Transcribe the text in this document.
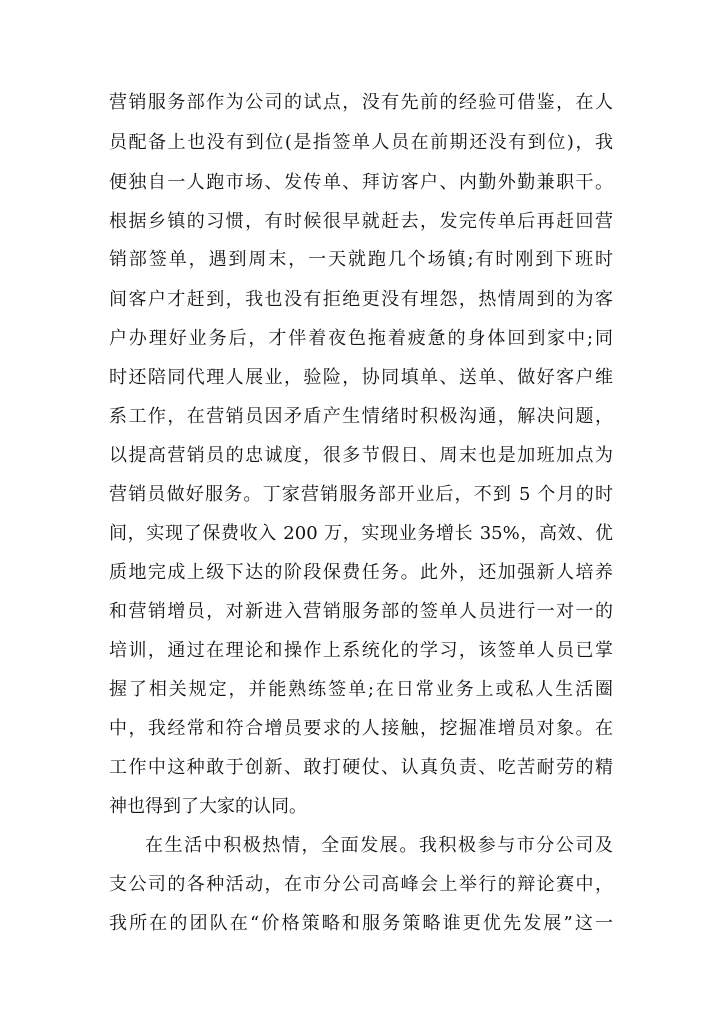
营销服务部作为公司的试点，没有先前的经验可借鉴，在人
员配备上也没有到位(是指签单人员在前期还没有到位)，我
便独自一人跑市场、发传单、拜访客户、内勤外勤兼职干。
根据乡镇的习惯，有时候很早就赶去，发完传单后再赶回营
销部签单，遇到周末，一天就跑几个场镇;有时刚到下班时
间客户才赶到，我也没有拒绝更没有埋怨，热情周到的为客
户办理好业务后，才伴着夜色拖着疲惫的身体回到家中;同
时还陪同代理人展业，验险，协同填单、送单、做好客户维
系工作，在营销员因矛盾产生情绪时积极沟通，解决问题，
以提高营销员的忠诚度，很多节假日、周末也是加班加点为
营销员做好服务。丁家营销服务部开业后，不到 5 个月的时
间，实现了保费收入 200 万，实现业务增长 35%，高效、优
质地完成上级下达的阶段保费任务。此外，还加强新人培养
和营销增员，对新进入营销服务部的签单人员进行一对一的
培训，通过在理论和操作上系统化的学习，该签单人员已掌
握了相关规定，并能熟练签单;在日常业务上或私人生活圈
中，我经常和符合增员要求的人接触，挖掘准增员对象。在
工作中这种敢于创新、敢打硬仗、认真负责、吃苦耐劳的精
神也得到了大家的认同。
在生活中积极热情，全面发展。我积极参与市分公司及
支公司的各种活动，在市分公司高峰会上举行的辩论赛中，
我所在的团队在“价格策略和服务策略谁更优先发展”这一
